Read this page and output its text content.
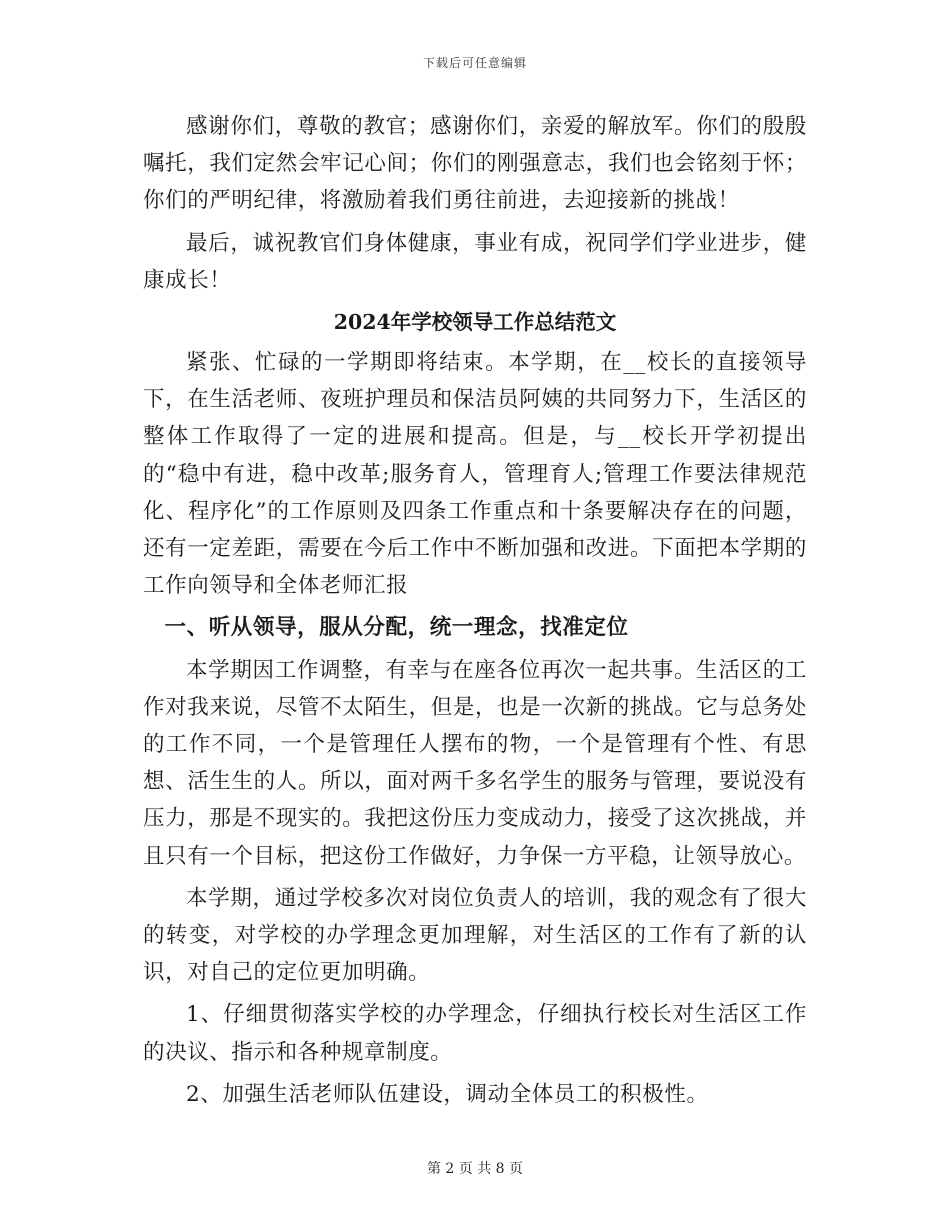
下载后可任意编辑

感谢你们，尊敬的教官；感谢你们，亲爱的解放军。你们的殷殷嘱托，我们定然会牢记心间；你们的刚强意志，我们也会铭刻于怀；你们的严明纪律，将激励着我们勇往前进，去迎接新的挑战！

最后，诚祝教官们身体健康，事业有成，祝同学们学业进步，健康成长！

2024年学校领导工作总结范文

紧张、忙碌的一学期即将结束。本学期，在__校长的直接领导下，在生活老师、夜班护理员和保洁员阿姨的共同努力下，生活区的整体工作取得了一定的进展和提高。但是，与__校长开学初提出的“稳中有进，稳中改革;服务育人，管理育人;管理工作要法律规范化、程序化”的工作原则及四条工作重点和十条要解决存在的问题，还有一定差距，需要在今后工作中不断加强和改进。下面把本学期的工作向领导和全体老师汇报

一、听从领导，服从分配，统一理念，找准定位

本学期因工作调整，有幸与在座各位再次一起共事。生活区的工作对我来说，尽管不太陌生，但是，也是一次新的挑战。它与总务处的工作不同，一个是管理任人摆布的物，一个是管理有个性、有思想、活生生的人。所以，面对两千多名学生的服务与管理，要说没有压力，那是不现实的。我把这份压力变成动力，接受了这次挑战，并且只有一个目标，把这份工作做好，力争保一方平稳，让领导放心。

本学期，通过学校多次对岗位负责人的培训，我的观念有了很大的转变，对学校的办学理念更加理解，对生活区的工作有了新的认识，对自己的定位更加明确。

1、仔细贯彻落实学校的办学理念，仔细执行校长对生活区工作的决议、指示和各种规章制度。

2、加强生活老师队伍建设，调动全体员工的积极性。

第 2 页 共 8 页
